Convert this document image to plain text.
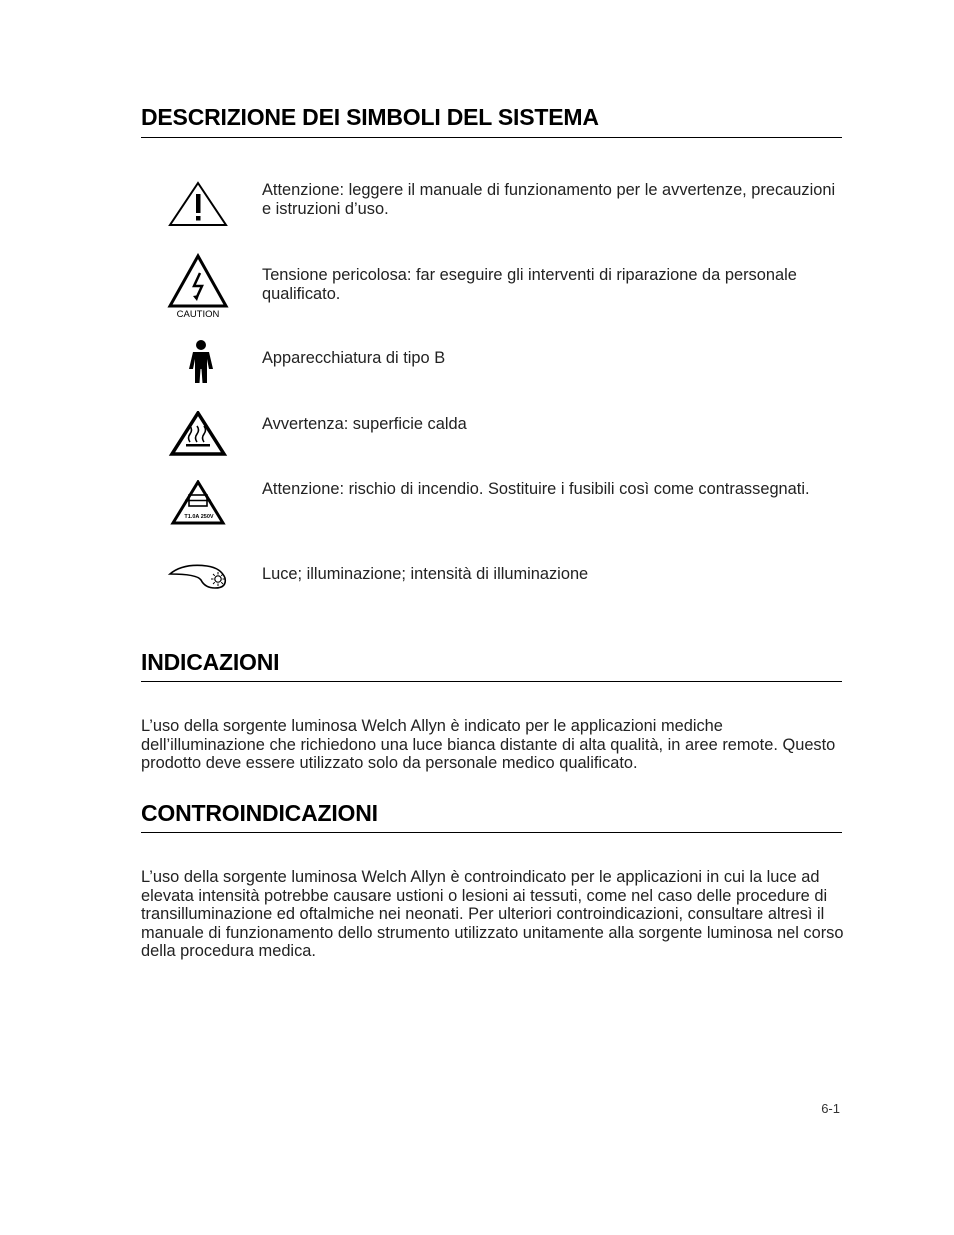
DESCRIZIONE DEI SIMBOLI DEL SISTEMA
Attenzione: leggere il manuale di funzionamento per le avvertenze, precauzioni e istruzioni d’uso.
CAUTION
Tensione pericolosa: far eseguire gli interventi di riparazione da personale qualificato.
Apparecchiatura di tipo B
Avvertenza: superficie calda
T1.0A 250V
Attenzione: rischio di incendio. Sostituire i fusibili così come contrassegnati.
Luce; illuminazione; intensità di illuminazione
INDICAZIONI

L’uso della sorgente luminosa Welch Allyn è indicato per le applicazioni mediche dell’illuminazione che richiedono una luce bianca distante di alta qualità, in aree remote. Questo prodotto deve essere utilizzato solo da personale medico qualificato.

CONTROINDICAZIONI

L’uso della sorgente luminosa Welch Allyn è controindicato per le applicazioni in cui la luce ad elevata intensità potrebbe causare ustioni o lesioni ai tessuti, come nel caso delle procedure di transilluminazione ed oftalmiche nei neonati. Per ulteriori controindicazioni, consultare altresì il manuale di funzionamento dello strumento utilizzato unitamente alla sorgente luminosa nel corso della procedura medica.

6-1
